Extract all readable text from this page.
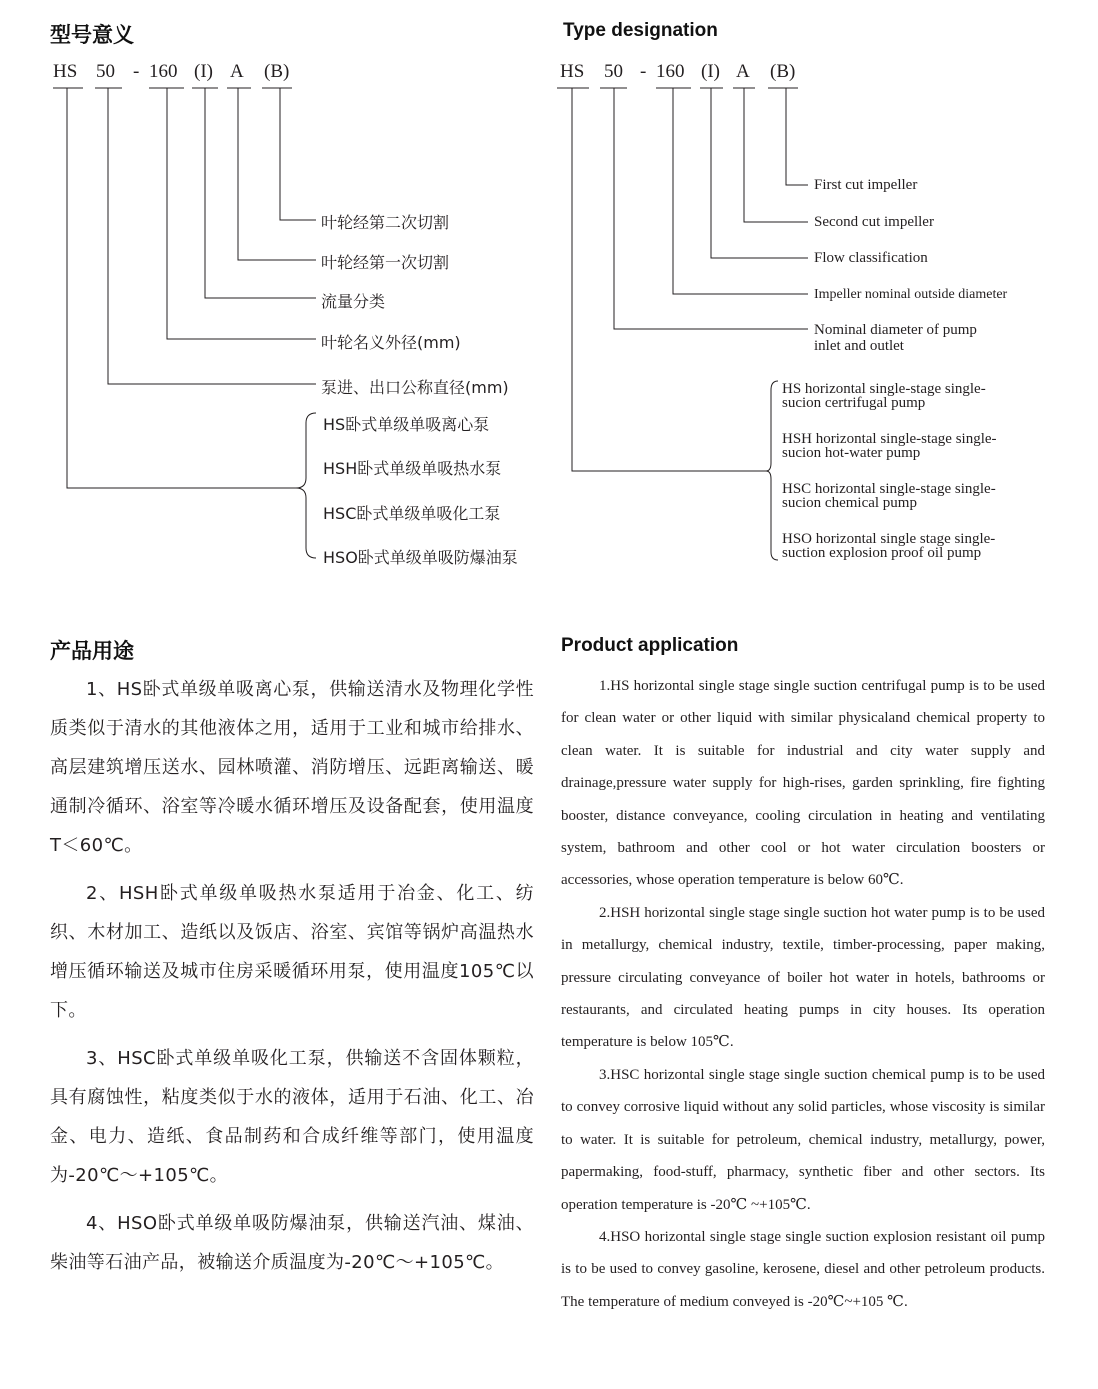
型号意义
HS 50 - 160 (I) A (B)
叶轮经第二次切割
叶轮经第一次切割
流量分类
叶轮名义外径(mm)
泵进、出口公称直径(mm)
HS卧式单级单吸离心泵
HSH卧式单级单吸热水泵
HSC卧式单级单吸化工泵
HSO卧式单级单吸防爆油泵
Type designation
HS 50 - 160 (I) A (B)
First cut impeller
Second cut impeller
Flow classification
Impeller nominal outside diameter
Nominal diameter of pump
inlet and outlet
HS horizontal single-stage single-
sucion certrifugal pump
HSH horizontal single-stage single-
sucion hot-water pump
HSC horizontal single-stage single-
sucion chemical pump
HSO horizontal single stage single-
suction explosion proof oil pump
产品用途	Product application

1、HS卧式单级单吸离心泵，供输送清水及物理化学性质类似于清水的其他液体之用，适用于工业和城市给排水、高层建筑增压送水、园林喷灌、消防增压、远距离输送、暖通制冷循环、浴室等冷暖水循环增压及设备配套，使用温度T＜60℃。

2、HSH卧式单级单吸热水泵适用于冶金、化工、纺织、木材加工、造纸以及饭店、浴室、宾馆等锅炉高温热水增压循环输送及城市住房采暖循环用泵，使用温度105℃以下。

3、HSC卧式单级单吸化工泵，供输送不含固体颗粒，具有腐蚀性，粘度类似于水的液体，适用于石油、化工、冶金、电力、造纸、食品制药和合成纤维等部门，使用温度为-20℃～+105℃。

4、HSO卧式单级单吸防爆油泵，供输送汽油、煤油、柴油等石油产品，被输送介质温度为-20℃～+105℃。

1.HS horizontal single stage single suction centrifugal pump is to be used for clean water or other liquid with similar physicaland chemical property to clean water. It is suitable for industrial and city water supply and drainage,pressure water supply for high-rises, garden sprinkling, fire fighting booster, distance conveyance, cooling circulation in heating and ventilating system, bathroom and other cool or hot water circulation boosters or accessories, whose operation temperature is below 60℃.

2.HSH horizontal single stage single suction hot water pump is to be used in metallurgy, chemical industry, textile, timber-processing, paper making, pressure circulating conveyance of boiler hot water in hotels, bathrooms or restaurants, and circulated heating pumps in city houses. Its operation temperature is below 105℃.

3.HSC horizontal single stage single suction chemical pump is to be used to convey corrosive liquid without any solid particles, whose viscosity is similar to water. It is suitable for petroleum, chemical industry, metallurgy, power, papermaking, food-stuff, pharmacy, synthetic fiber and other sectors. Its operation temperature is -20℃ ~+105℃.

4.HSO horizontal single stage single suction explosion resistant oil pump is to be used to convey gasoline, kerosene, diesel and other petroleum products. The temperature of medium conveyed is -20℃~+105 ℃.
